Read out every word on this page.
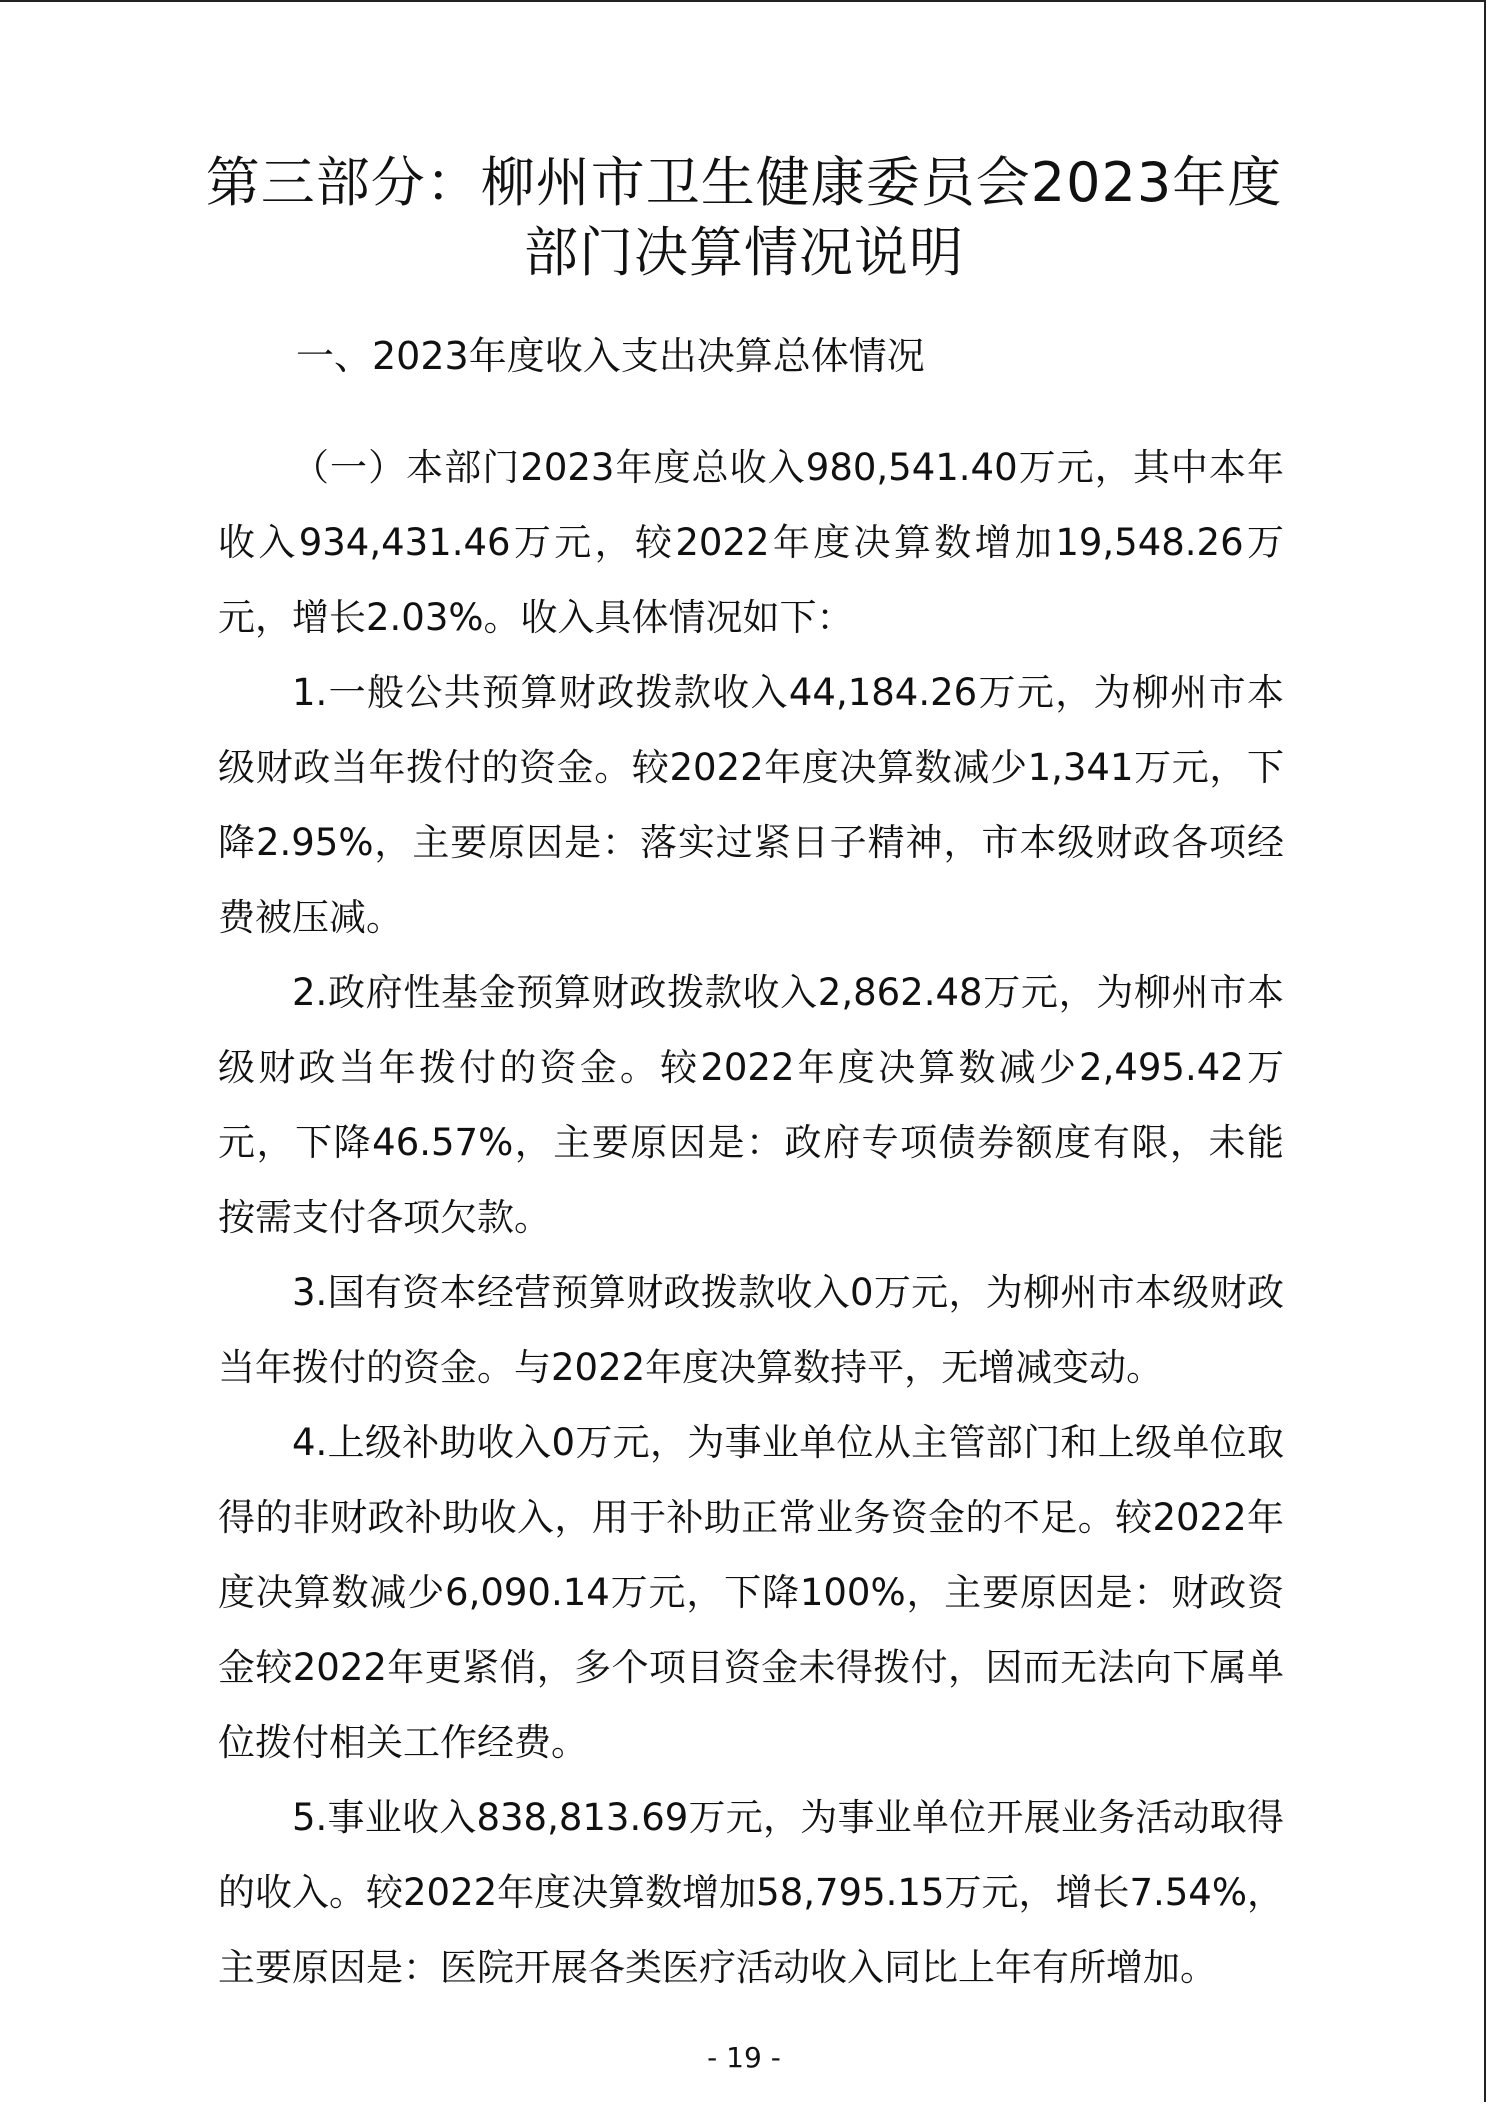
第三部分：柳州市卫生健康委员会2023年度
部门决算情况说明
一、2023年度收入支出决算总体情况

（一）本部门2023年度总收入980,541.40万元，其中本年收入934,431.46万元，较2022年度决算数增加19,548.26万元，增长2.03%。收入具体情况如下：

1.一般公共预算财政拨款收入44,184.26万元，为柳州市本级财政当年拨付的资金。较2022年度决算数减少1,341万元，下降2.95%，主要原因是：落实过紧日子精神，市本级财政各项经费被压减。

2.政府性基金预算财政拨款收入2,862.48万元，为柳州市本级财政当年拨付的资金。较2022年度决算数减少2,495.42万元，下降46.57%，主要原因是：政府专项债券额度有限，未能按需支付各项欠款。

3.国有资本经营预算财政拨款收入0万元，为柳州市本级财政当年拨付的资金。与2022年度决算数持平，无增减变动。

4.上级补助收入0万元，为事业单位从主管部门和上级单位取得的非财政补助收入，用于补助正常业务资金的不足。较2022年度决算数减少6,090.14万元，下降100%，主要原因是：财政资金较2022年更紧俏，多个项目资金未得拨付，因而无法向下属单位拨付相关工作经费。

5.事业收入838,813.69万元，为事业单位开展业务活动取得的收入。较2022年度决算数增加58,795.15万元，增长7.54%，主要原因是：医院开展各类医疗活动收入同比上年有所增加。

- 19 -
